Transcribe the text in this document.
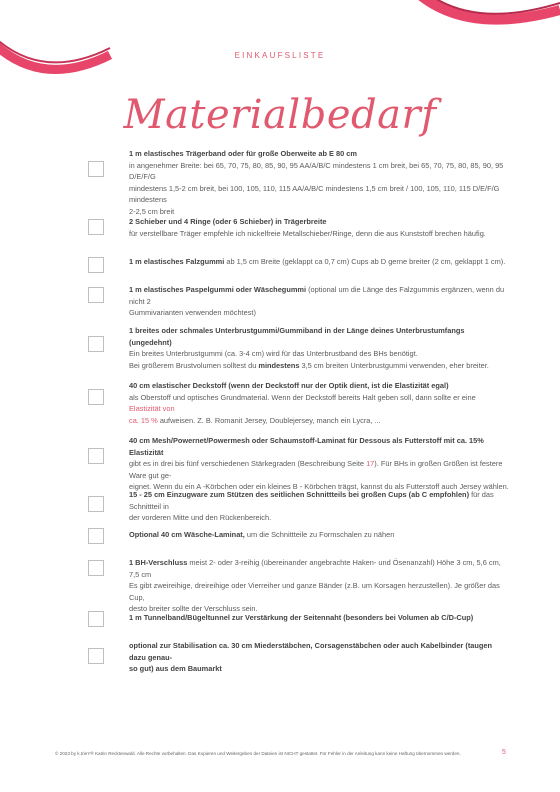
EINKAUFSLISTE
Materialbedarf
1 m elastisches Trägerband oder für große Oberweite ab E 80 cm
in angenehmer Breite: bei 65, 70, 75, 80, 85, 90, 95 AA/A/B/C mindestens 1 cm breit, bei 65, 70, 75, 80, 85, 90, 95 D/E/F/G
mindestens 1,5-2 cm breit, bei 100, 105, 110, 115 AA/A/B/C mindestens 1,5 cm breit / 100, 105, 110, 115 D/E/F/G mindestens
2-2,5 cm breit
2 Schieber und 4 Ringe (oder 6 Schieber) in Trägerbreite
für verstellbare Träger empfehle ich nickelfreie Metallschieber/Ringe, denn die aus Kunststoff brechen häufig.
1 m elastisches Falzgummi ab 1,5 cm Breite (geklappt ca 0,7 cm) Cups ab D gerne breiter (2 cm, geklappt 1 cm).
1 m elastisches Paspelgummi oder Wäschegummi (optional um die Länge des Falzgummis ergänzen, wenn du nicht 2
Gummivarianten verwenden möchtest)
1 breites oder schmales Unterbrustgummi/Gummiband in der Länge deines Unterbrustumfangs (ungedehnt)
Ein breites Unterbrustgummi (ca. 3-4 cm) wird für das Unterbrustband des BHs benötigt.
Bei größerem Brustvolumen solltest du mindestens 3,5 cm breiten Unterbrustgummi verwenden, eher breiter.
40 cm elastischer Deckstoff (wenn der Deckstoff nur der Optik dient, ist die Elastizität egal)
als Oberstoff und optisches Grundmaterial. Wenn der Deckstoff bereits Halt geben soll, dann sollte er eine Elastizität von
ca. 15 % aufweisen. Z. B. Romanit Jersey, Doublejersey, manch ein Lycra, ...
40 cm Mesh/Powernet/Powermesh oder Schaumstoff-Laminat für Dessous als Futterstoff mit ca. 15% Elastizität
gibt es in drei bis fünf verschiedenen Stärkegraden (Beschreibung Seite 17). Für BHs in großen Größen ist festere Ware gut ge-
eignet. Wenn du ein A -Körbchen oder ein kleines B - Körbchen trägst, kannst du als Futterstoff auch Jersey wählen.
15 - 25 cm Einzugware zum Stützen des seitlichen Schnittteils bei großen Cups (ab C empfohlen) für das Schnittteil in
der vorderen Mitte und den Rückenbereich.
Optional 40 cm Wäsche-Laminat, um die Schnittteile zu Formschalen zu nähen
1 BH-Verschluss meist 2- oder 3-reihig (übereinander angebrachte Haken- und Ösenanzahl) Höhe 3 cm, 5,6 cm, 7,5 cm
Es gibt zweireihige, dreireihige oder Vierreiher und ganze Bänder (z.B. um Korsagen herzustellen). Je größer das Cup,
desto breiter sollte der Verschluss sein.
1 m Tunnelband/Bügeltunnel zur Verstärkung der Seitennaht (besonders bei Volumen ab C/D-Cup)
optional zur Stabilisation ca. 30 cm Miederstäbchen, Corsagenstäbchen oder auch Kabelbinder (taugen dazu genau-
so gut) aus dem Baumarkt
© 2023 by k.trieY® Katrin Recktenwald. Alle Rechte vorbehalten. Das Kopieren und Weitergeben der Dateien ist NICHT gestattet. Für Fehler in der Anleitung kann keine Haftung übernommen werden.	5
